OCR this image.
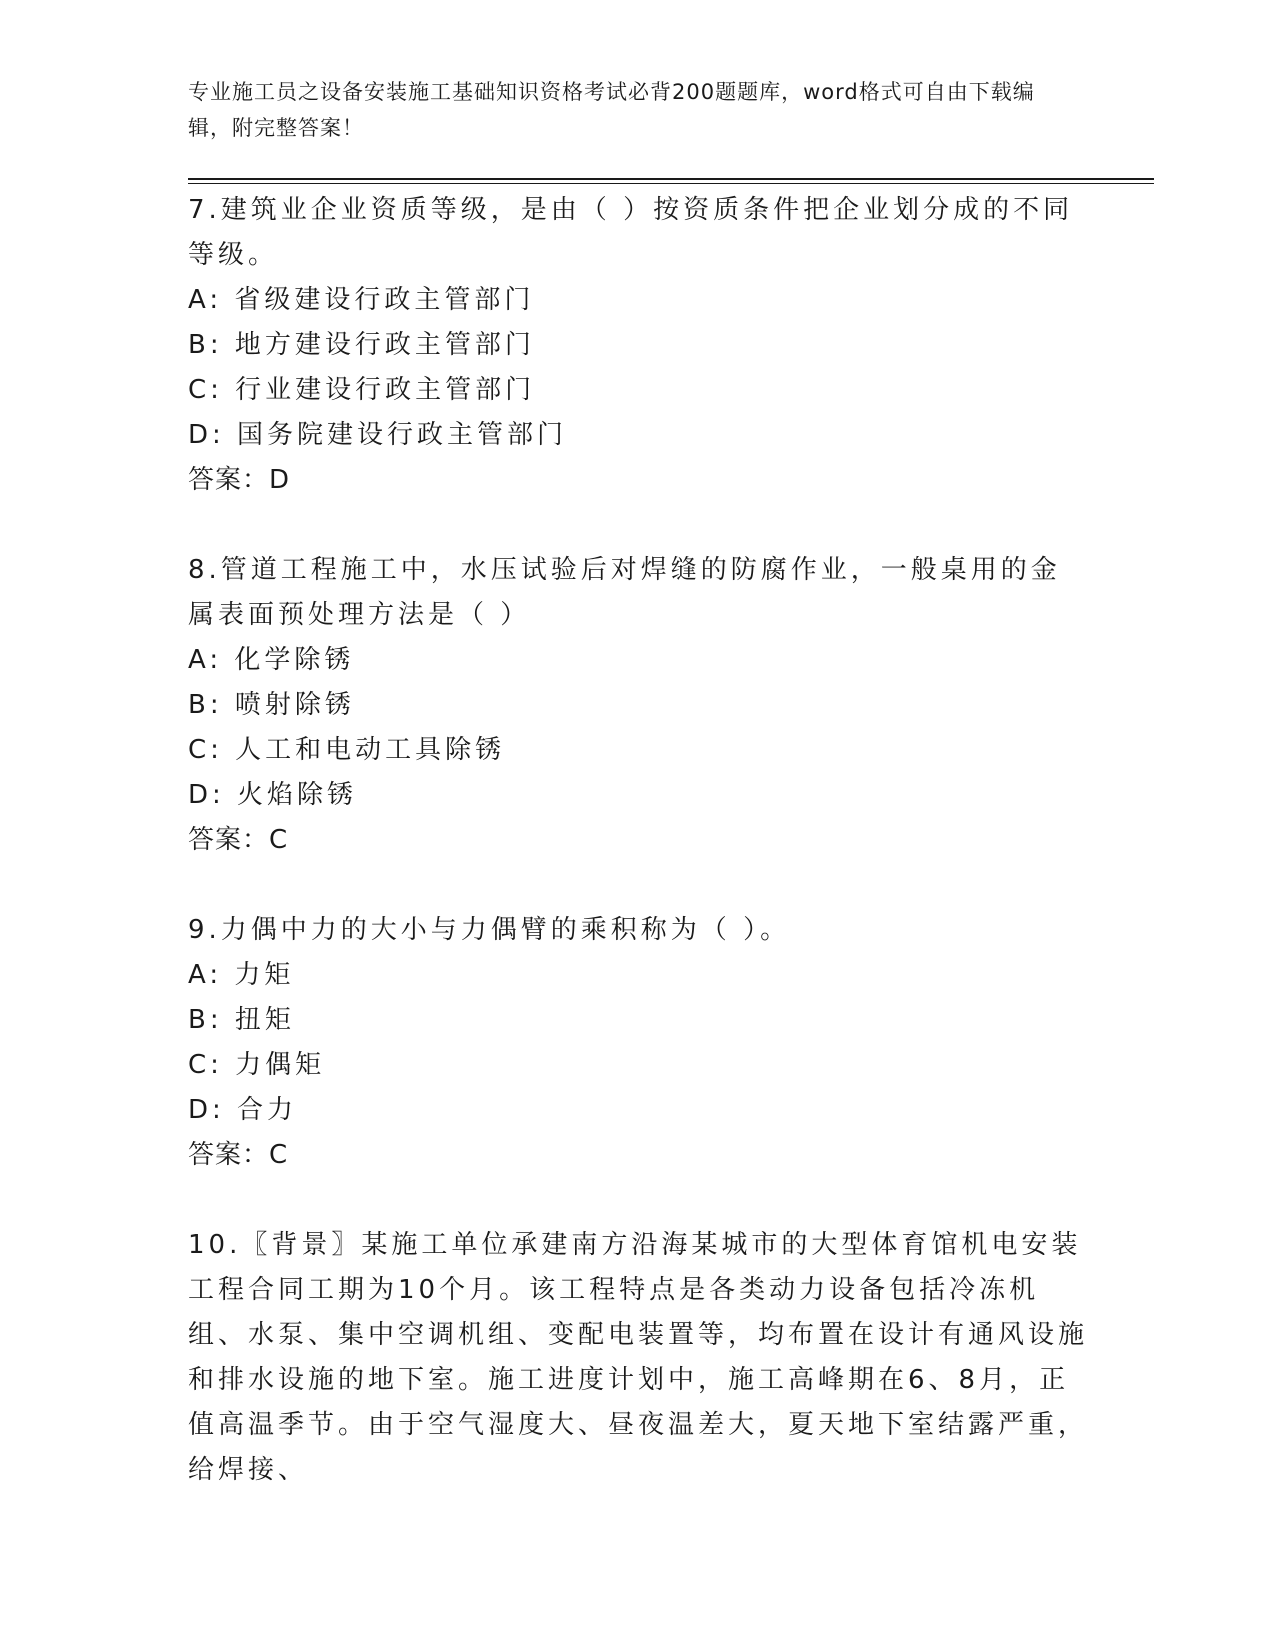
专业施工员之设备安装施工基础知识资格考试必背200题题库，word格式可自由下载编辑，附完整答案！

7.建筑业企业资质等级，是由（ ）按资质条件把企业划分成的不同等级。

A: 省级建设行政主管部门

B: 地方建设行政主管部门

C: 行业建设行政主管部门

D: 国务院建设行政主管部门

答案：D

8.管道工程施工中，水压试验后对焊缝的防腐作业，一般桌用的金属表面预处理方法是（ ）

A: 化学除锈

B: 喷射除锈

C: 人工和电动工具除锈

D: 火焰除锈

答案：C

9.力偶中力的大小与力偶臂的乘积称为（ ）。

A: 力矩

B: 扭矩

C: 力偶矩

D: 合力

答案：C

10.〖背景〗某施工单位承建南方沿海某城市的大型体育馆机电安装工程合同工期为10个月。该工程特点是各类动力设备包括冷冻机组、水泵、集中空调机组、变配电装置等，均布置在设计有通风设施和排水设施的地下室。施工进度计划中，施工高峰期在6、8月，正值高温季节。由于空气湿度大、昼夜温差大，夏天地下室结露严重，给焊接、
